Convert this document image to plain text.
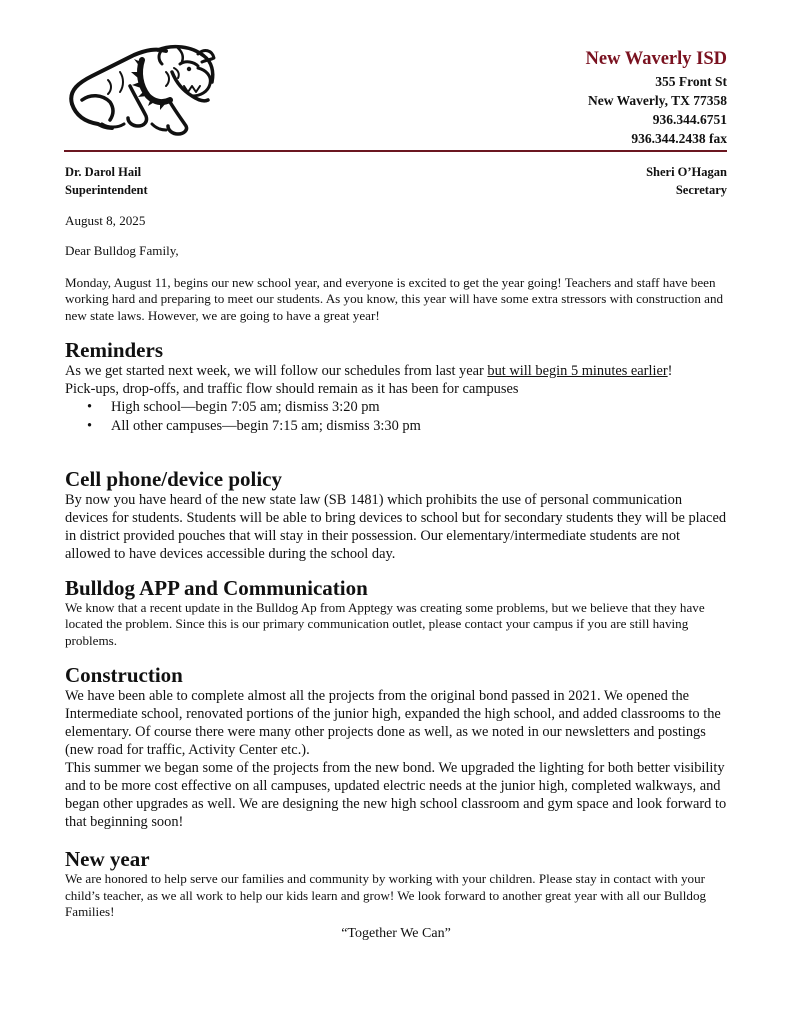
New Waverly ISD
355 Front St
New Waverly, TX 77358
936.344.6751
936.344.2438 fax
Dr. Darol Hail
Superintendent
Sheri O’Hagan
Secretary

August 8, 2025

Dear Bulldog Family,

Monday, August 11, begins our new school year, and everyone is excited to get the year going! Teachers and staff have been working hard and preparing to meet our students. As you know, this year will have some extra stressors with construction and new state laws. However, we are going to have a great year!

Reminders

As we get started next week, we will follow our schedules from last year but will begin 5 minutes earlier!

Pick-ups, drop-offs, and traffic flow should remain as it has been for campuses

• High school—begin 7:05 am; dismiss 3:20 pm
• All other campuses—begin 7:15 am; dismiss 3:30 pm
Cell phone/device policy

By now you have heard of the new state law (SB 1481) which prohibits the use of personal communication devices for students. Students will be able to bring devices to school but for secondary students they will be placed in district provided pouches that will stay in their possession. Our elementary/intermediate students are not allowed to have devices accessible during the school day.

Bulldog APP and Communication

We know that a recent update in the Bulldog Ap from Apptegy was creating some problems, but we believe that they have located the problem. Since this is our primary communication outlet, please contact your campus if you are still having problems.

Construction

We have been able to complete almost all the projects from the original bond passed in 2021. We opened the Intermediate school, renovated portions of the junior high, expanded the high school, and added classrooms to the elementary. Of course there were many other projects done as well, as we noted in our newsletters and postings (new road for traffic, Activity Center etc.).

This summer we began some of the projects from the new bond. We upgraded the lighting for both better visibility and to be more cost effective on all campuses, updated electric needs at the junior high, completed walkways, and began other upgrades as well. We are designing the new high school classroom and gym space and look forward to that beginning soon!

New year

We are honored to help serve our families and community by working with your children. Please stay in contact with your child’s teacher, as we all work to help our kids learn and grow! We look forward to another great year with all our Bulldog Families!

“Together We Can”
